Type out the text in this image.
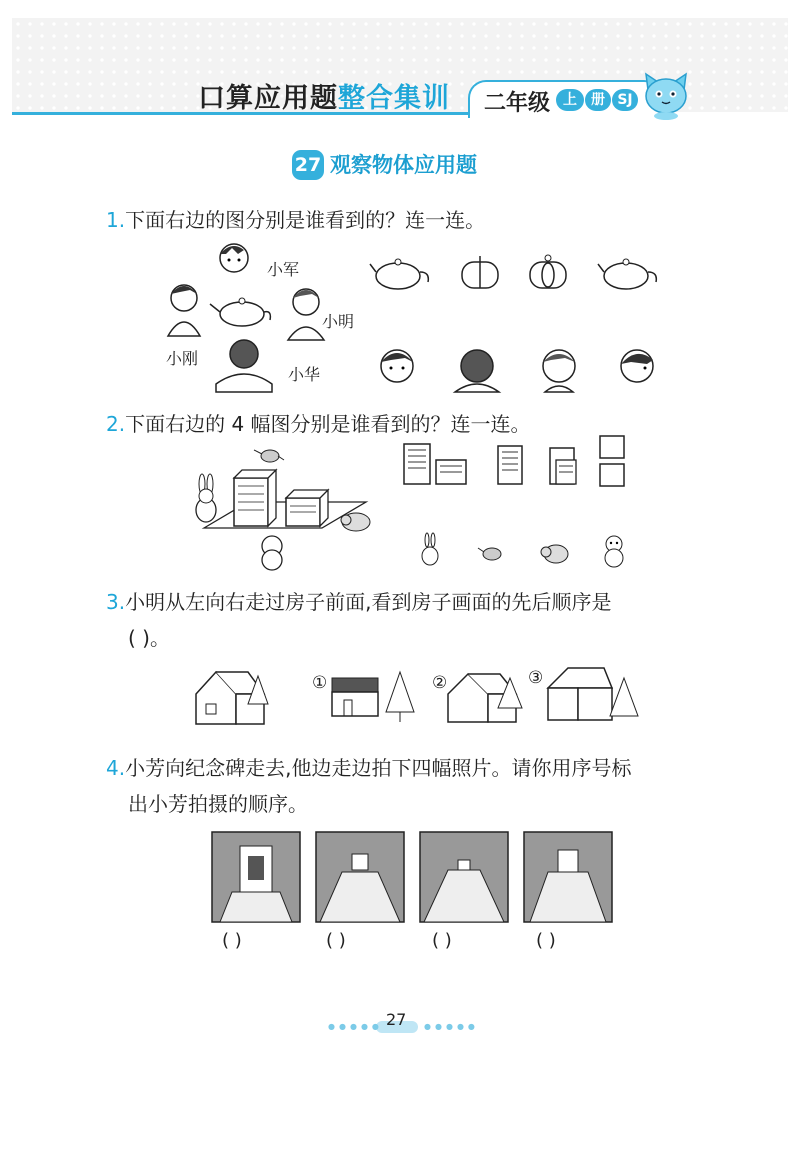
口算应用题整合集训 二年级 上	册 SJ
27 观察物体应用题
1.下面右边的图分别是谁看到的？连一连。
小军
小明
小刚
小华
2.下面右边的 4 幅图分别是谁看到的？连一连。
3.小明从左向右走过房子前面,看到房子画面的先后顺序是
( )。
①	②	③
4.小芳向纪念碑走去,他边走边拍下四幅照片。请你用序号标
出小芳拍摄的顺序。
( )	( )	( )	( )
●●●●●	●●●●●
27
